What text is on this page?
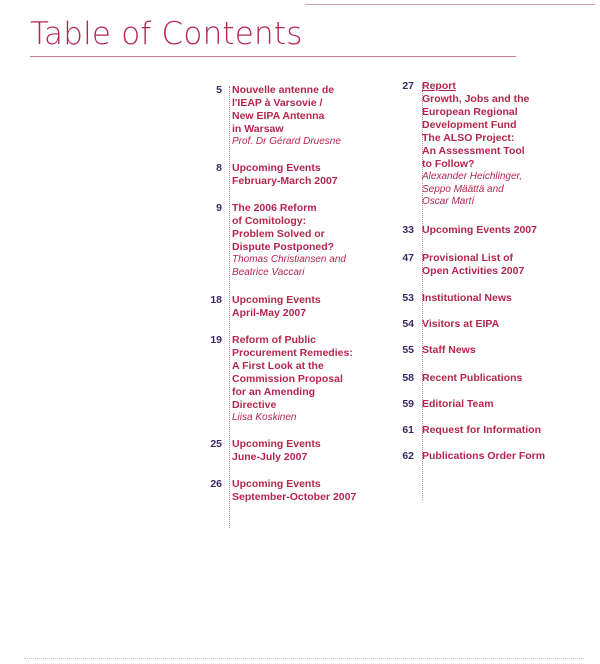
Table of Contents
5 Nouvelle antenne de
l'IEAP à Varsovie /
New EIPA Antenna
in Warsaw
Prof. Dr Gérard Druesne
8 Upcoming Events
February-March 2007
9 The 2006 Reform
of Comitology:
Problem Solved or
Dispute Postponed?
Thomas Christiansen and
Beatrice Vaccari
18 Upcoming Events
April-May 2007
19 Reform of Public
Procurement Remedies:
A First Look at the
Commission Proposal
for an Amending
Directive
Liisa Koskinen
25 Upcoming Events
June-July 2007
26 Upcoming Events
September-October 2007
27 Report
Growth, Jobs and the
European Regional
Development Fund
The ALSO Project:
An Assessment Tool
to Follow?
Alexander Heichlinger,
Seppo Määttä and
Oscar Martí
33 Upcoming Events 2007
47 Provisional List of
Open Activities 2007
53 Institutional News
54 Visitors at EIPA
55 Staff News
58 Recent Publications
59 Editorial Team
61 Request for Information
62 Publications Order Form
